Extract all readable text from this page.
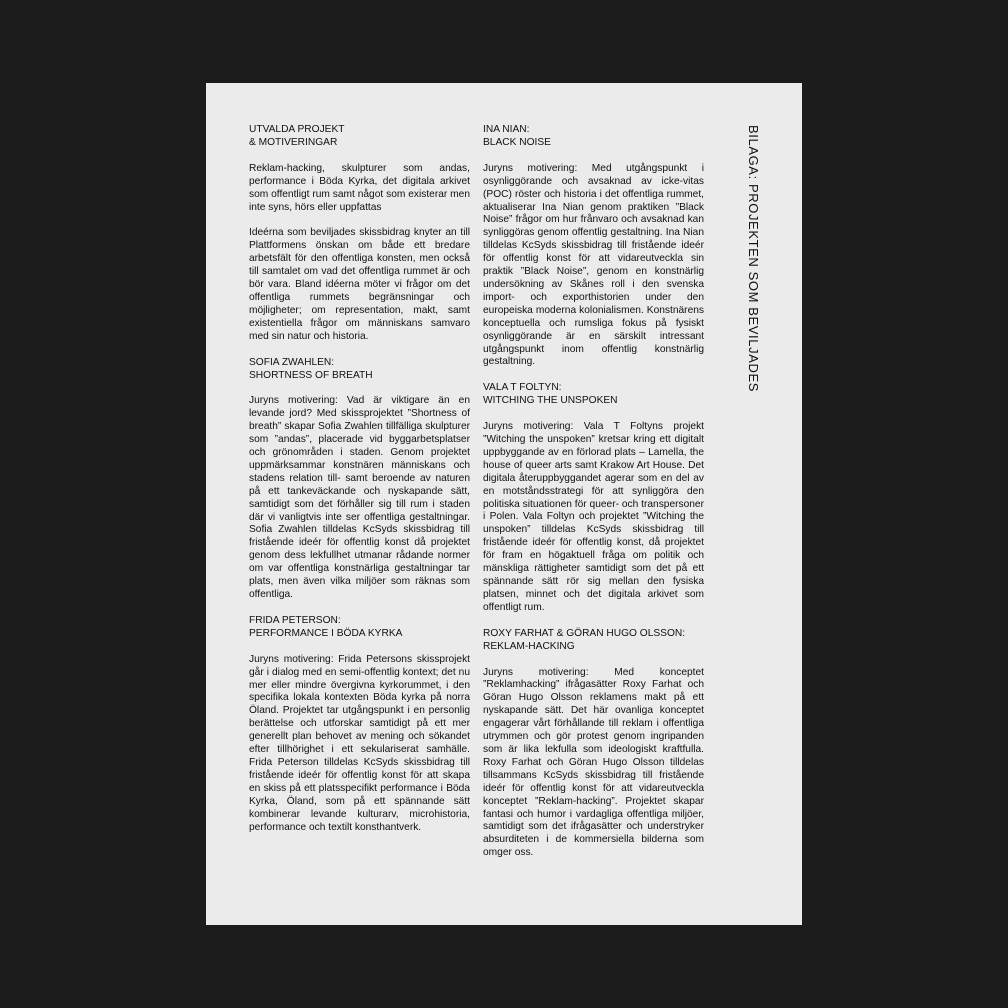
UTVALDA PROJEKT
& MOTIVERINGAR

Reklam-hacking, skulpturer som andas, performance i Böda Kyrka, det digitala arkivet som offentligt rum samt något som existerar men inte syns, hörs eller uppfattas

Ideérna som beviljades skissbidrag knyter an till Plattformens önskan om både ett bredare arbetsfält för den offentliga konsten, men också till samtalet om vad det offentliga rummet är och bör vara. Bland idéerna möter vi frågor om det offentliga rummets begränsningar och möjligheter; om representation, makt, samt existentiella frågor om människans samvaro med sin natur och historia.

SOFIA ZWAHLEN:
SHORTNESS OF BREATH

Juryns motivering: Vad är viktigare än en levande jord? Med skissprojektet ”Shortness of breath” skapar Sofia Zwahlen tillfälliga skulpturer som ”andas”, placerade vid byggarbetsplatser och grönområden i staden. Genom projektet uppmärksammar konstnären människans och stadens relation till- samt beroende av naturen på ett tankeväckande och nyskapande sätt, samtidigt som det förhåller sig till rum i staden där vi vanligtvis inte ser offentliga gestaltningar. Sofia Zwahlen tilldelas KcSyds skissbidrag till fristående ideér för offentlig konst då projektet genom dess lekfullhet utmanar rådande normer om var offentliga konstnärliga gestaltningar tar plats, men även vilka miljöer som räknas som offentliga.

FRIDA PETERSON:
PERFORMANCE I BÖDA KYRKA

Juryns motivering: Frida Petersons skissprojekt går i dialog med en semi-offentlig kontext; det nu mer eller mindre övergivna kyrkorummet, i den specifika lokala kontexten Böda kyrka på norra Öland. Projektet tar utgångspunkt i en personlig berättelse och utforskar samtidigt på ett mer generellt plan behovet av mening och sökandet efter tillhörighet i ett sekulariserat samhälle. Frida Peterson tilldelas KcSyds skissbidrag till fristående ideér för offentlig konst för att skapa en skiss på ett platsspecifikt performance i Böda Kyrka, Öland, som på ett spännande sätt kombinerar levande kulturarv, microhistoria, performance och textilt konsthantverk.

INA NIAN:
BLACK NOISE

Juryns motivering: Med utgångspunkt i osynliggörande och avsaknad av icke-vitas (POC) röster och historia i det offentliga rummet, aktualiserar Ina Nian genom praktiken ”Black Noise” frågor om hur frånvaro och avsaknad kan synliggöras genom offentlig gestaltning. Ina Nian tilldelas KcSyds skissbidrag till fristående ideér för offentlig konst för att vidareutveckla sin praktik ”Black Noise”, genom en konstnärlig undersökning av Skånes roll i den svenska import- och exporthistorien under den europeiska moderna kolonialismen. Konstnärens konceptuella och rumsliga fokus på fysiskt osynliggörande är en särskilt intressant utgångspunkt inom offentlig konstnärlig gestaltning.

VALA T FOLTYN:
WITCHING THE UNSPOKEN

Juryns motivering: Vala T Foltyns projekt ”Witching the unspoken” kretsar kring ett digitalt uppbyggande av en förlorad plats – Lamella, the house of queer arts samt Krakow Art House. Det digitala återuppbyggandet agerar som en del av en motståndsstrategi för att synliggöra den politiska situationen för queer- och transpersoner i Polen. Vala Foltyn och projektet ”Witching the unspoken” tilldelas KcSyds skissbidrag till fristående ideér för offentlig konst, då projektet för fram en högaktuell fråga om politik och mänskliga rättigheter samtidigt som det på ett spännande sätt rör sig mellan den fysiska platsen, minnet och det digitala arkivet som offentligt rum.

ROXY FARHAT & GÖRAN HUGO OLSSON:
REKLAM-HACKING

Juryns motivering: Med konceptet ”Reklamhacking” ifrågasätter Roxy Farhat och Göran Hugo Olsson reklamens makt på ett nyskapande sätt. Det här ovanliga konceptet engagerar vårt förhållande till reklam i offentliga utrymmen och gör protest genom ingripanden som är lika lekfulla som ideologiskt kraftfulla. Roxy Farhat och Göran Hugo Olsson tilldelas tillsammans KcSyds skissbidrag till fristående ideér för offentlig konst för att vidareutveckla konceptet ”Reklam-hacking”. Projektet skapar fantasi och humor i vardagliga offentliga miljöer, samtidigt som det ifrågasätter och understryker absurditeten i de kommersiella bilderna som omger oss.

BILAGA: PROJEKTEN SOM BEVILJADES
